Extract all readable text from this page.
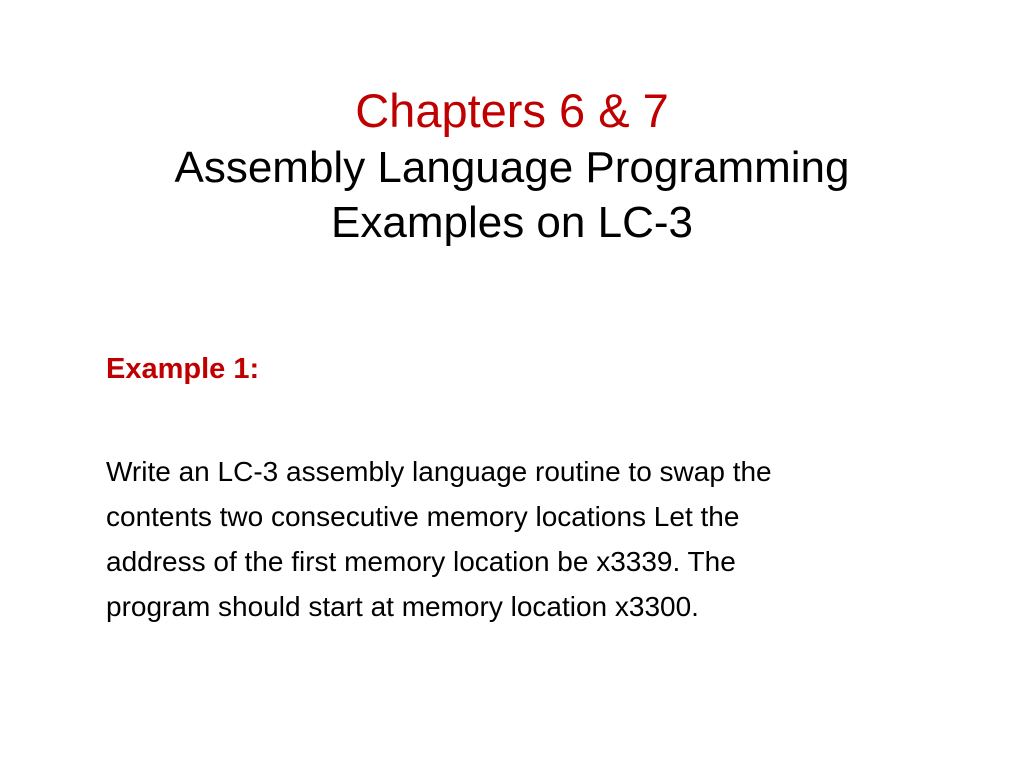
Chapters 6 & 7

Assembly Language Programming

Examples on LC-3

Example 1:
Write an LC-3 assembly language routine to swap the
contents two consecutive memory locations Let the
address of the first memory location be x3339. The
program should start at memory location x3300.
